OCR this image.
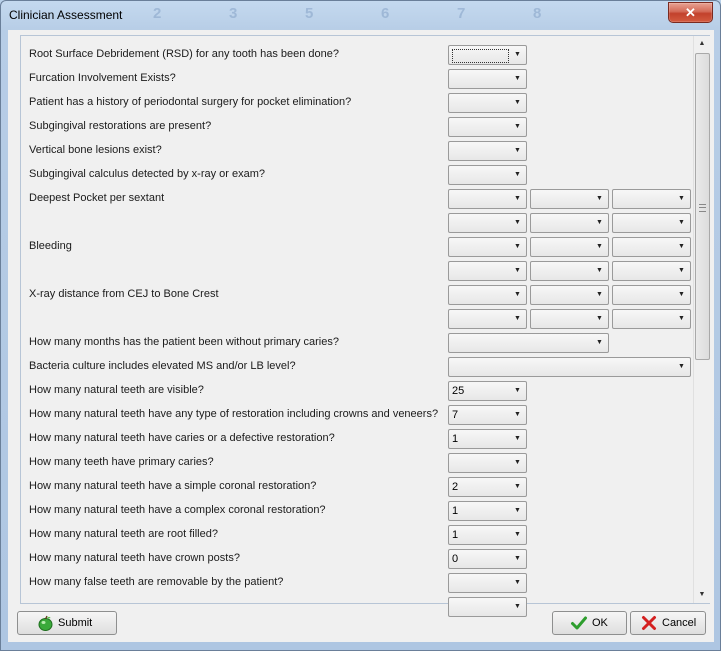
Clinician Assessment 2	3	5	6	7	8	✕
Root Surface Debridement (RSD) for any tooth has been done?	▼
Furcation Involvement Exists?	▼
Patient has a history of periodontal surgery for pocket elimination?	▼
Subgingival restorations are present?	▼
Vertical bone lesions exist?	▼
Subgingival calculus detected by x-ray or exam?	▼
Deepest Pocket per sextant	▼	▼	▼
▼	▼	▼
Bleeding	▼	▼	▼
▼	▼	▼
X-ray distance from CEJ to Bone Crest	▼	▼	▼
▼	▼	▼
How many months has the patient been without primary caries?	▼
Bacteria culture includes elevated MS and/or LB level?	▼
How many natural teeth are visible?	25	▼
How many natural teeth have any type of restoration including crowns and veneers? 7	▼
How many natural teeth have caries or a defective restoration?	1	▼
How many teeth have primary caries?	▼
How many natural teeth have a simple coronal restoration?	2	▼
How many natural teeth have a complex coronal restoration?	1	▼
How many natural teeth are root filled?	1	▼
How many natural teeth have crown posts?	0	▼
How many false teeth are removable by the patient?	▼
▼
▲
▼
Submit	OK	Cancel
